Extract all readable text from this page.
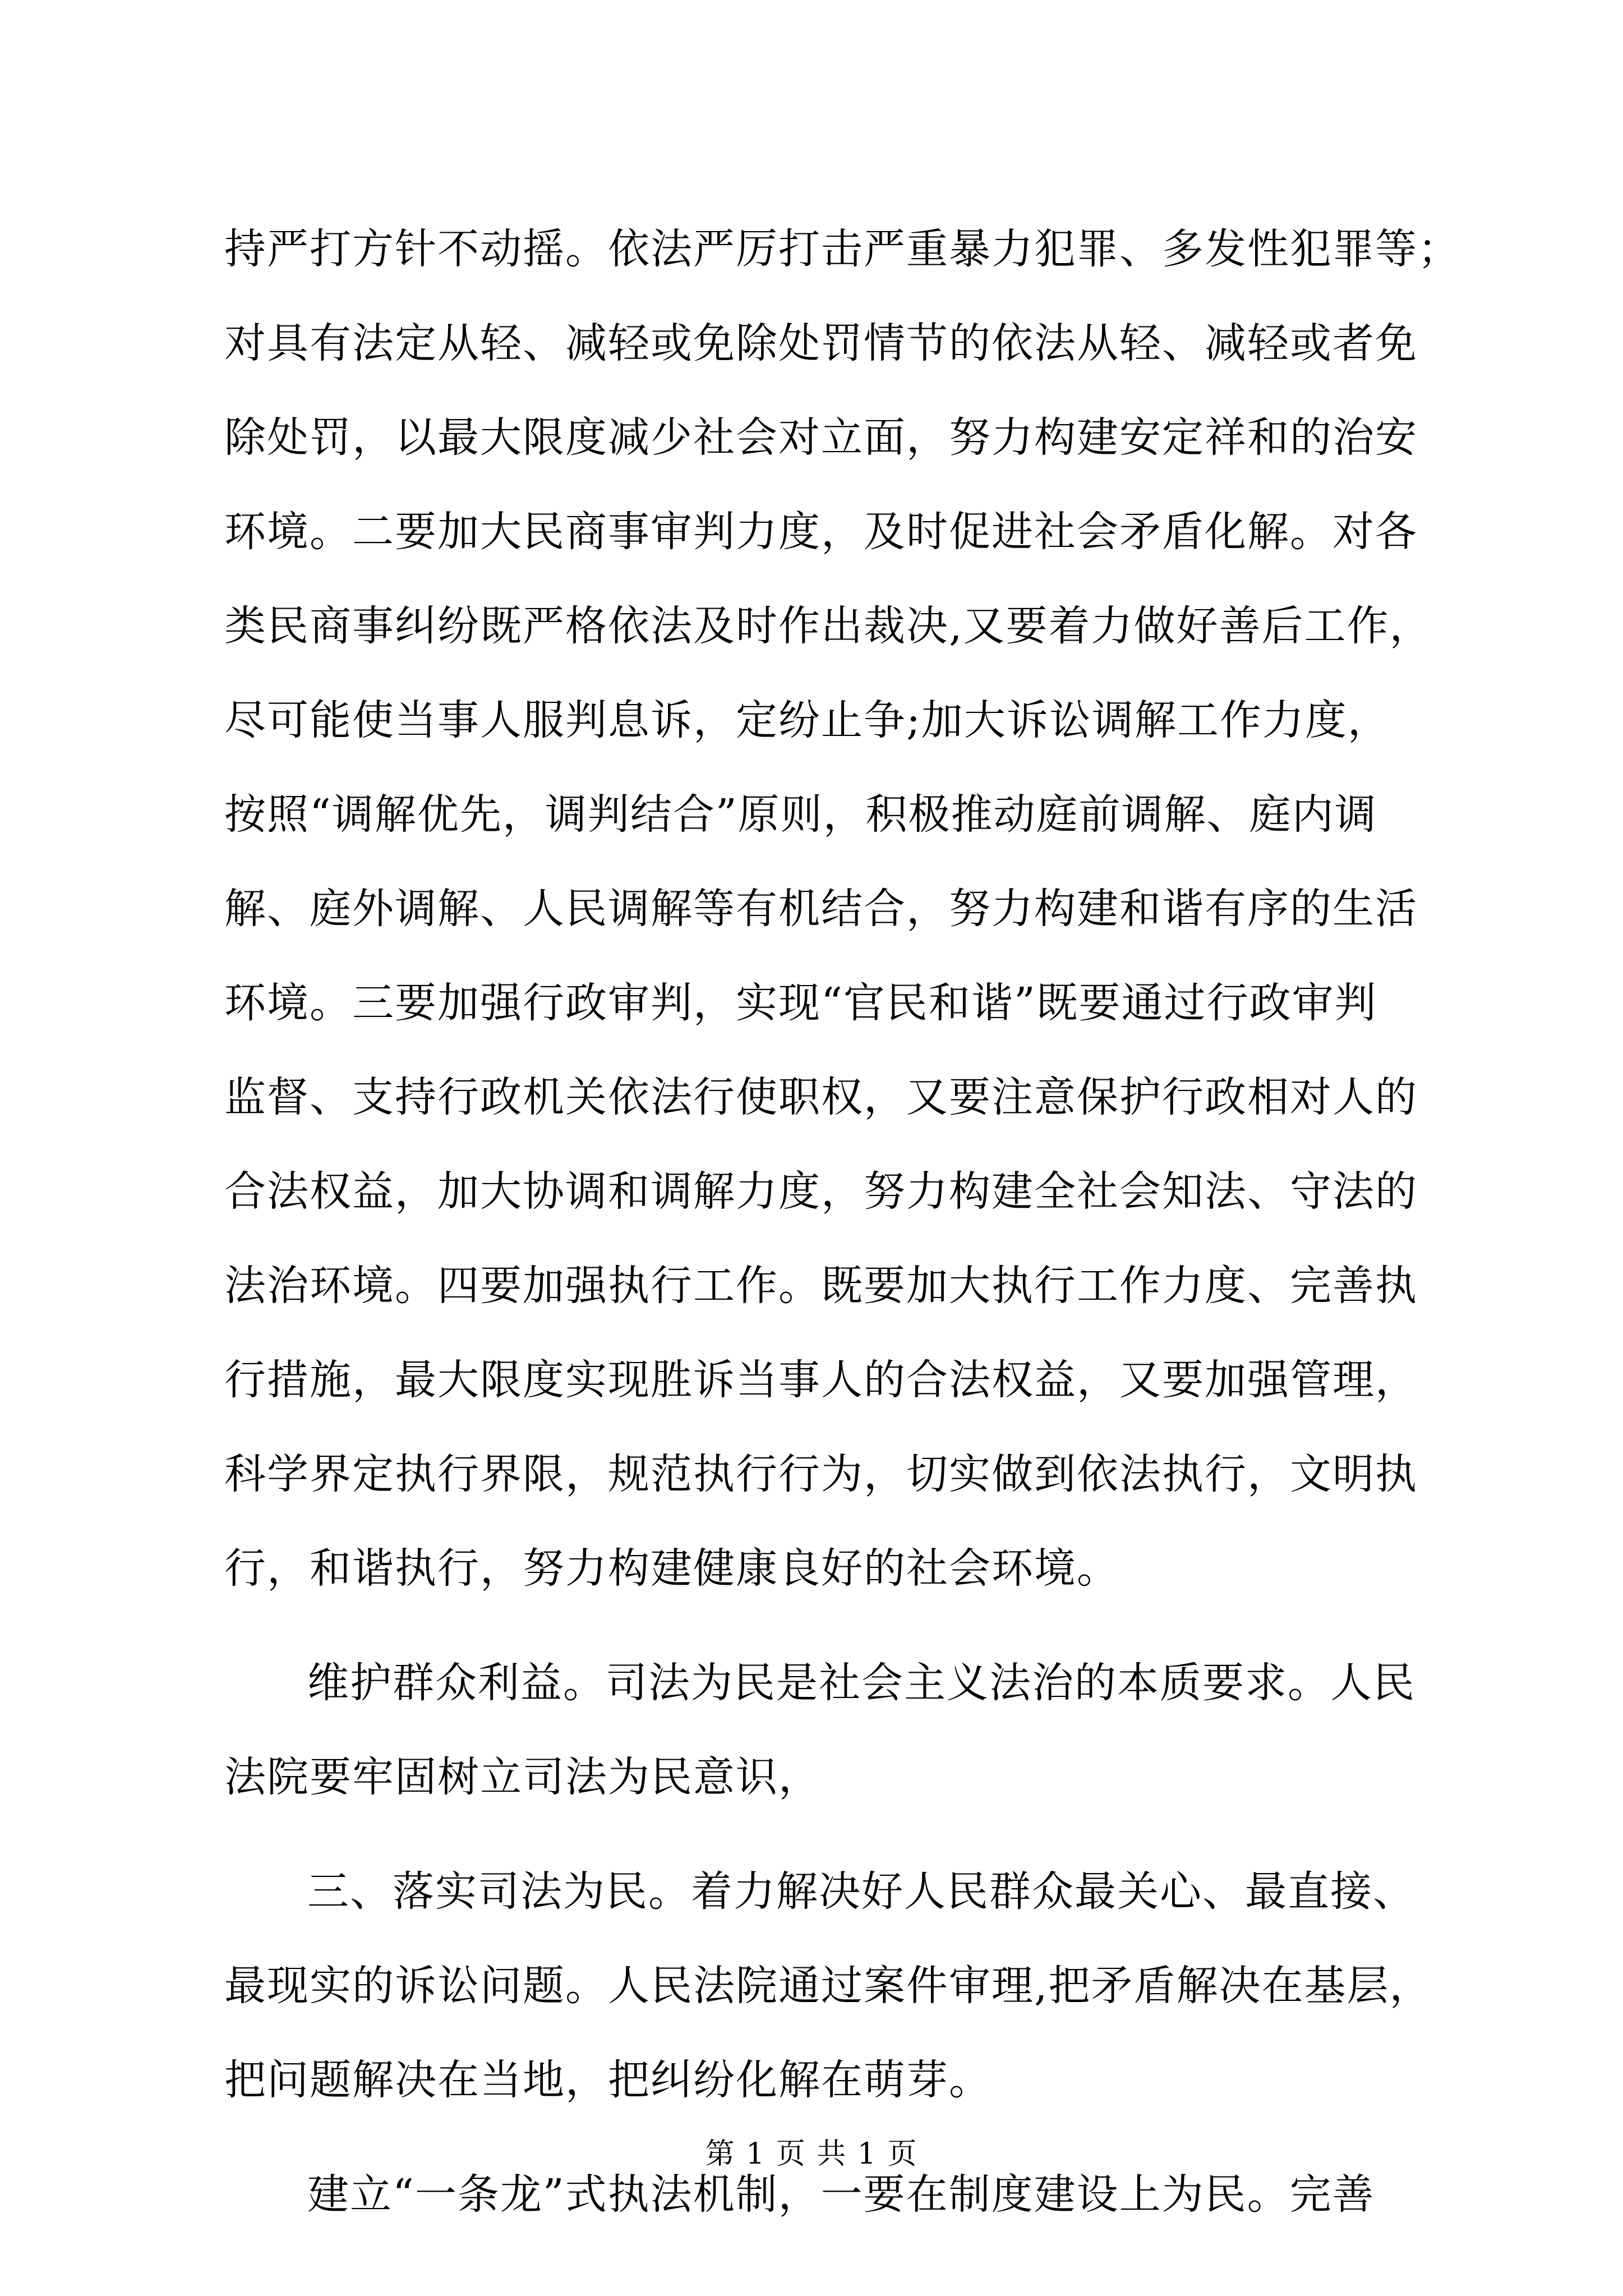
持严打方针不动摇。依法严厉打击严重暴力犯罪、多发性犯罪等；
对具有法定从轻、减轻或免除处罚情节的依法从轻、减轻或者免
除处罚，以最大限度减少社会对立面，努力构建安定祥和的治安
环境。二要加大民商事审判力度，及时促进社会矛盾化解。对各
类民商事纠纷既严格依法及时作出裁决,又要着力做好善后工作，
尽可能使当事人服判息诉，定纷止争;加大诉讼调解工作力度，
按照“调解优先，调判结合”原则，积极推动庭前调解、庭内调
解、庭外调解、人民调解等有机结合，努力构建和谐有序的生活
环境。三要加强行政审判，实现“官民和谐”既要通过行政审判
监督、支持行政机关依法行使职权，又要注意保护行政相对人的
合法权益，加大协调和调解力度，努力构建全社会知法、守法的
法治环境。四要加强执行工作。既要加大执行工作力度、完善执
行措施，最大限度实现胜诉当事人的合法权益，又要加强管理，
科学界定执行界限，规范执行行为，切实做到依法执行，文明执
行，和谐执行，努力构建健康良好的社会环境。
维护群众利益。司法为民是社会主义法治的本质要求。人民
法院要牢固树立司法为民意识，
三、落实司法为民。着力解决好人民群众最关心、最直接、
最现实的诉讼问题。人民法院通过案件审理,把矛盾解决在基层，
把问题解决在当地，把纠纷化解在萌芽。
建立“一条龙”式执法机制，一要在制度建设上为民。完善
第 1 页 共 1 页
